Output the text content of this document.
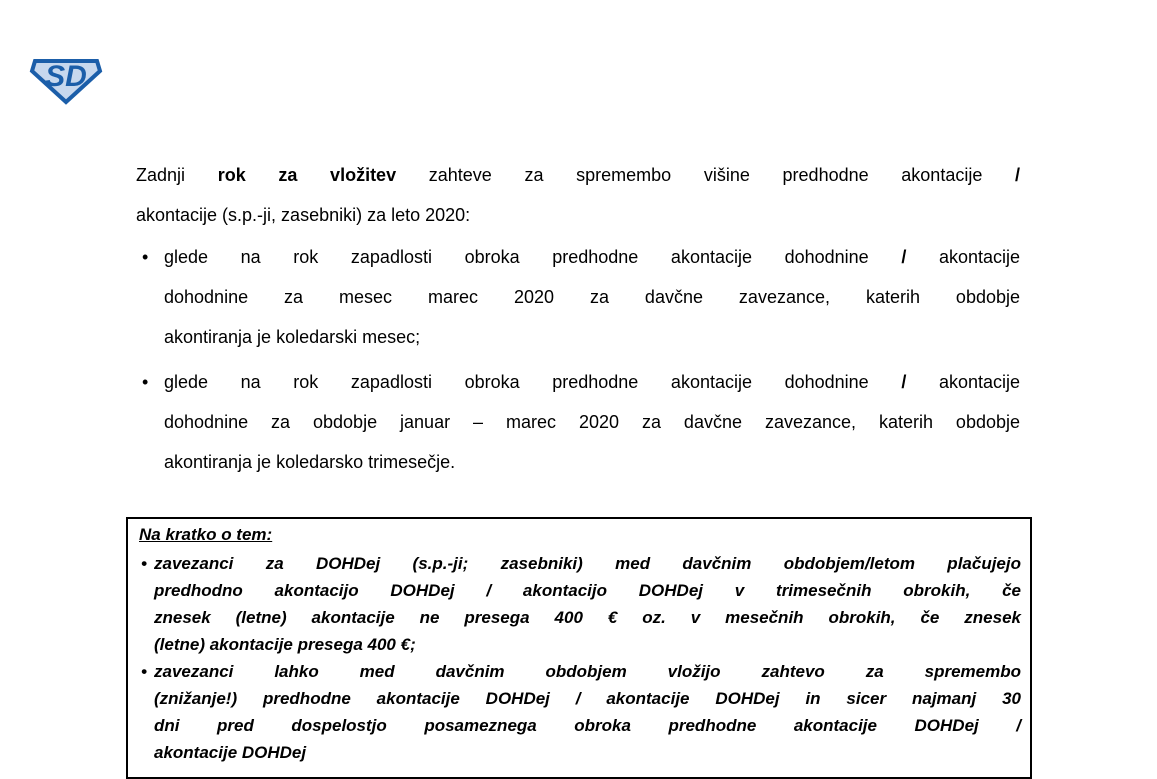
SD
Zadnji rok za vložitev zahteve za spremembo višine predhodne akontacije /
akontacije (s.p.-ji, zasebniki) za leto 2020:
• glede na rok zapadlosti obroka predhodne akontacije dohodnine / akontacije
dohodnine za mesec marec 2020 za davčne zavezance, katerih obdobje
akontiranja je koledarski mesec;
• glede na rok zapadlosti obroka predhodne akontacije dohodnine / akontacije
dohodnine za obdobje januar – marec 2020 za davčne zavezance, katerih obdobje
akontiranja je koledarsko trimesečje.
Na kratko o tem:
• zavezanci za DOHDej (s.p.-ji; zasebniki) med davčnim obdobjem/letom plačujejo
predhodno akontacijo DOHDej / akontacijo DOHDej v trimesečnih obrokih, če
znesek (letne) akontacije ne presega 400 € oz. v mesečnih obrokih, če znesek
(letne) akontacije presega 400 €;
• zavezanci lahko med davčnim obdobjem vložijo zahtevo za spremembo
(znižanje!) predhodne akontacije DOHDej / akontacije DOHDej in sicer najmanj 30
dni pred dospelostjo posameznega obroka predhodne akontacije DOHDej /
akontacije DOHDej
